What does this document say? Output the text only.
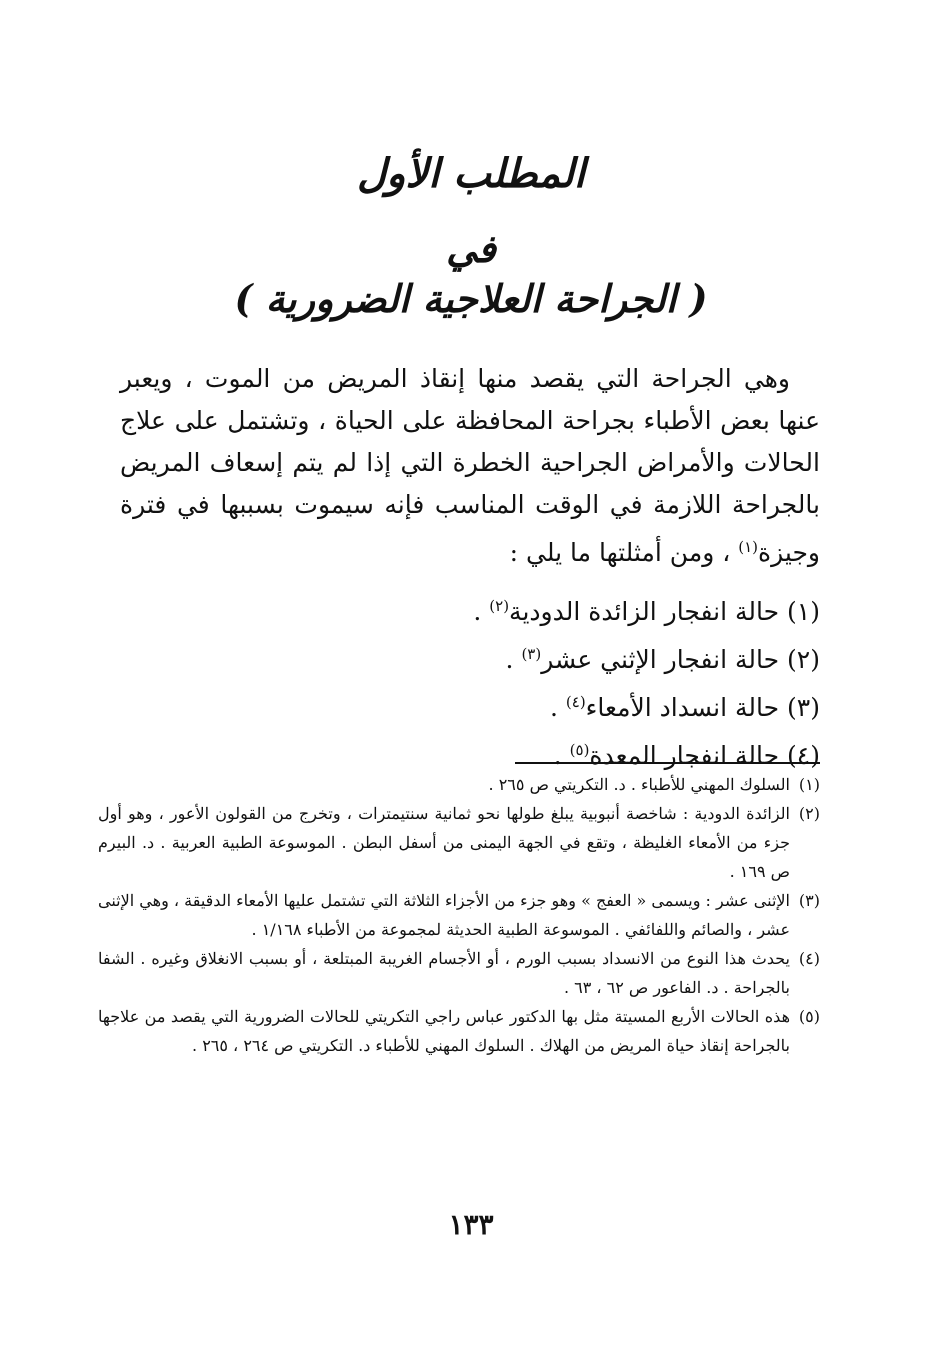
المطلب الأول
في
( الجراحة العلاجية الضرورية )

وهي الجراحة التي يقصد منها إنقاذ المريض من الموت ، ويعبر عنها بعض الأطباء بجراحة المحافظة على الحياة ، وتشتمل على علاج الحالات والأمراض الجراحية الخطرة التي إذا لم يتم إسعاف المريض بالجراحة اللازمة في الوقت المناسب فإنه سيموت بسببها في فترة وجيزة$^{(١)}$ ، ومن أمثلتها ما يلي :

(١) حالة انفجار الزائدة الدودية$^{(٢)}$ .
(٢) حالة انفجار الإثني عشر$^{(٣)}$ .
(٣) حالة انسداد الأمعاء$^{(٤)}$ .
(٤) حالة انفجار المعدة$^{(٥)}$ .
(١)
السلوك المهني للأطباء . د. التكريتي ص ٢٦٥ .
(٢)
الزائدة الدودية : شاخصة أنبوبية يبلغ طولها نحو ثمانية سنتيمترات ، وتخرج من القولون الأعور ، وهو أول جزء من الأمعاء الغليظة ، وتقع في الجهة اليمنى من أسفل البطن . الموسوعة الطبية العربية . د. البيرم ص ١٦٩ .
(٣)
الإثنى عشر : ويسمى « العفج » وهو جزء من الأجزاء الثلاثة التي تشتمل عليها الأمعاء الدقيقة ، وهي الإثنى عشر ، والصائم واللفائفي . الموسوعة الطبية الحديثة لمجموعة من الأطباء ١/١٦٨ .
(٤)
يحدث هذا النوع من الانسداد بسبب الورم ، أو الأجسام الغريبة المبتلعة ، أو بسبب الانغلاق وغيره . الشفا بالجراحة . د. الفاعور ص ٦٢ ، ٦٣ .
(٥)
هذه الحالات الأربع المسيتة مثل بها الدكتور عباس راجي التكريتي للحالات الضرورية التي يقصد من علاجها بالجراحة إنقاذ حياة المريض من الهلاك . السلوك المهني للأطباء د. التكريتي ص ٢٦٤ ، ٢٦٥ .
١٣٣
